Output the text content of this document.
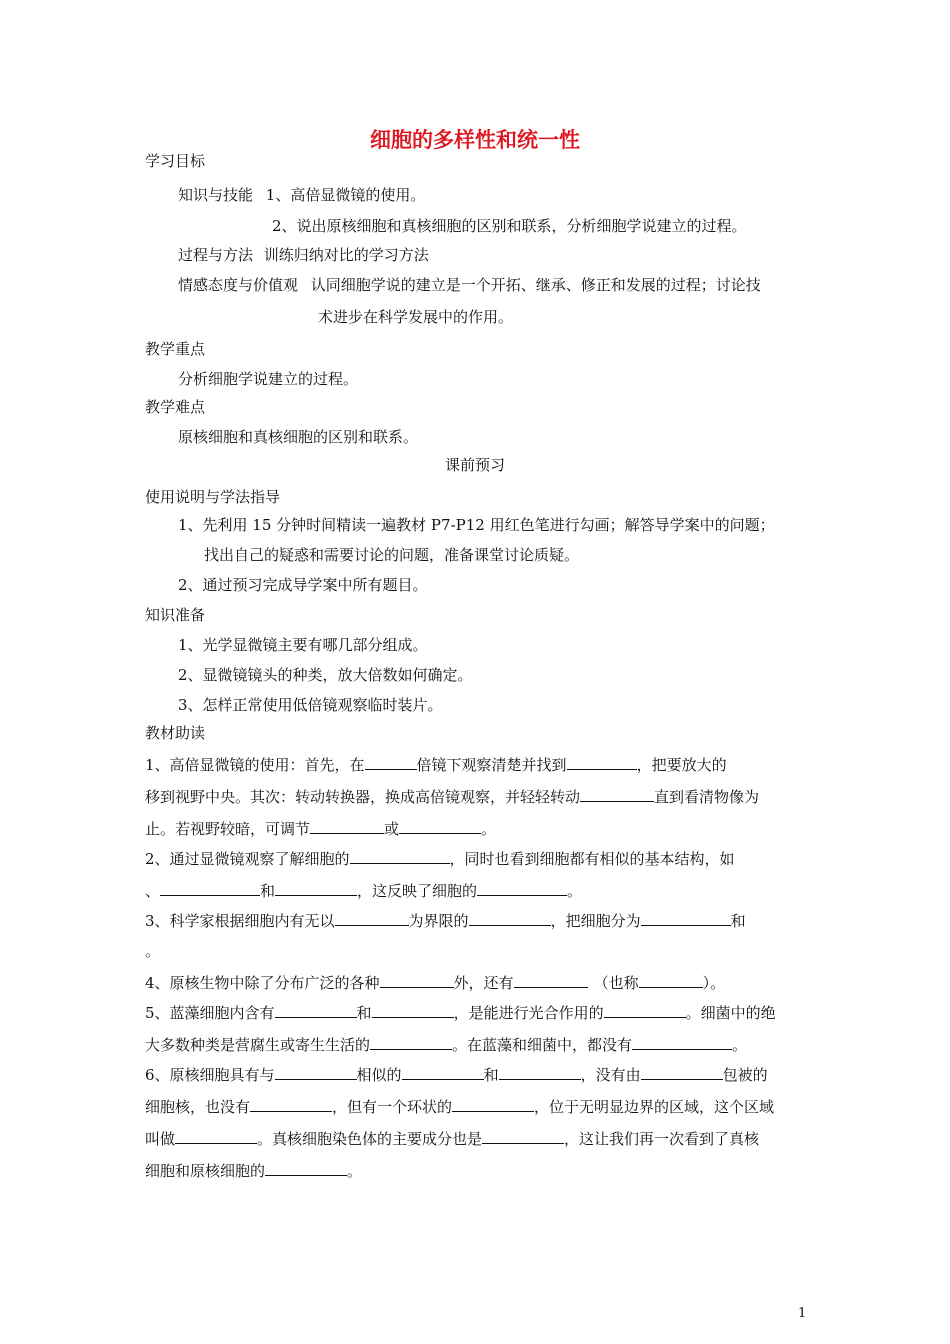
细胞的多样性和统一性
学习目标
知识与技能 1、高倍显微镜的使用。
2、说出原核细胞和真核细胞的区别和联系，分析细胞学说建立的过程。
过程与方法 训练归纳对比的学习方法
情感态度与价值观 认同细胞学说的建立是一个开拓、继承、修正和发展的过程；讨论技
术进步在科学发展中的作用。
教学重点
分析细胞学说建立的过程。
教学难点
原核细胞和真核细胞的区别和联系。
课前预习
使用说明与学法指导
1、先利用 15 分钟时间精读一遍教材 P7-P12 用红色笔进行勾画；解答导学案中的问题；
找出自己的疑惑和需要讨论的问题，准备课堂讨论质疑。
2、通过预习完成导学案中所有题目。
知识准备
1、光学显微镜主要有哪几部分组成。
2、显微镜镜头的种类，放大倍数如何确定。
3、怎样正常使用低倍镜观察临时装片。
教材助读
1、高倍显微镜的使用：首先，在	倍镜下观察清楚并找到	，把要放大的
移到视野中央。其次：转动转换器，换成高倍镜观察，并轻轻转动	直到看清物像为
止。若视野较暗，可调节	或	。
2、通过显微镜观察了解细胞的	，同时也看到细胞都有相似的基本结构，如
、	和	，这反映了细胞的	。
3、科学家根据细胞内有无以	为界限的	，把细胞分为	和
。
4、原核生物中除了分布广泛的各种	外，还有	（也称	）。
5、蓝藻细胞内含有	和	，是能进行光合作用的	。细菌中的绝
大多数种类是营腐生或寄生生活的	。在蓝藻和细菌中，都没有	。
6、原核细胞具有与	相似的	和	，没有由	包被的
细胞核，也没有	，但有一个环状的	，位于无明显边界的区域，这个区域
叫做	。真核细胞染色体的主要成分也是	，这让我们再一次看到了真核
细胞和原核细胞的	。
1
